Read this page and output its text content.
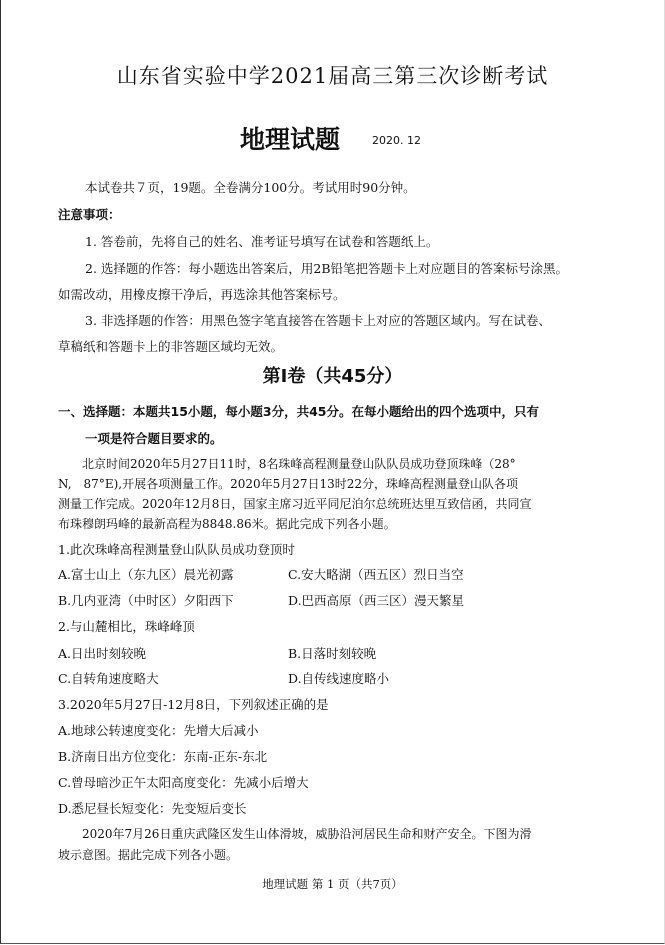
山东省实验中学2021届高三第三次诊断考试
地理试题	2020. 12
本试卷共７页，19题。全卷满分100分。考试用时90分钟。
注意事项：
1. 答卷前，先将自己的姓名、准考证号填写在试卷和答题纸上。
2. 选择题的作答：每小题选出答案后，用2B铅笔把答题卡上对应题目的答案标号涂黑。
如需改动，用橡皮擦干净后，再选涂其他答案标号。
3. 非选择题的作答：用黑色签字笔直接答在答题卡上对应的答题区域内。写在试卷、
草稿纸和答题卡上的非答题区域均无效。
第Ⅰ卷（共45分）
一、选择题：本题共15小题，每小题3分，共45分。在每小题给出的四个选项中，只有
一项是符合题目要求的。
北京时间2020年5月27日11时，8名珠峰高程测量登山队队员成功登顶珠峰（28°
N,　87°E),开展各项测量工作。2020年5月27日13时22分，珠峰高程测量登山队各项
测量工作完成。2020年12月8日，国家主席习近平同尼泊尔总统班达里互致信函，共同宣
布珠穆朗玛峰的最新高程为8848.86米。据此完成下列各小题。
1.此次珠峰高程测量登山队队员成功登顶时
A.富士山上（东九区）晨光初露	C.安大略湖（西五区）烈日当空
B.几内亚湾（中时区）夕阳西下	D.巴西高原（西三区）漫天繁星
2.与山麓相比，珠峰峰顶
A.日出时刻较晚	B.日落时刻较晚
C.自转角速度略大	D.自传线速度略小
3.2020年5月27日-12月8日，下列叙述正确的是
A.地球公转速度变化：先增大后减小
B.济南日出方位变化：东南-正东-东北
C.曾母暗沙正午太阳高度变化：先减小后增大
D.悉尼昼长短变化：先变短后变长
2020年7月26日重庆武隆区发生山体滑坡，威胁沿河居民生命和财产安全。下图为滑
坡示意图。据此完成下列各小题。
地理试题 第 1 页（共7页）
